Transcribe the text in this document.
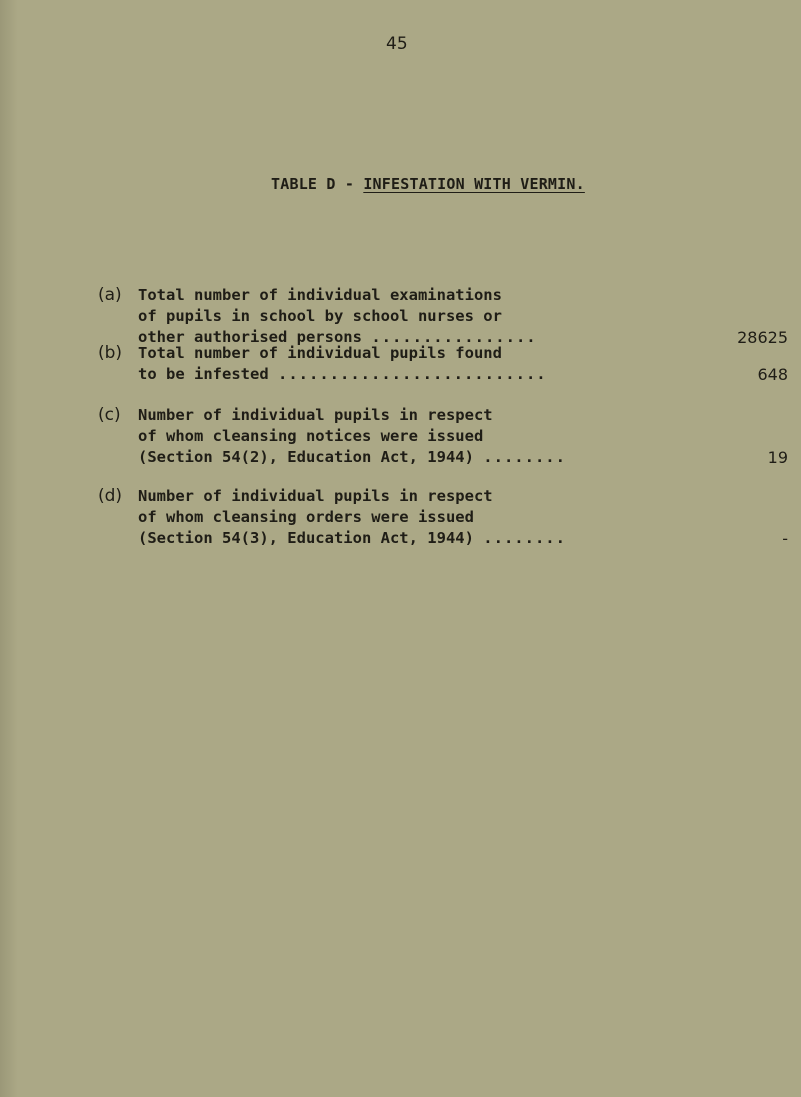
45
TABLE D - INFESTATION WITH VERMIN.
(a)	Total number of individual examinations
of pupils in school by school nurses or
other authorised persons ................	28625
(b)	Total number of individual pupils found
to be infested ..........................	648
(c)	Number of individual pupils in respect
of whom cleansing notices were issued
(Section 54(2), Education Act, 1944) ........	19
(d)	Number of individual pupils in respect
of whom cleansing orders were issued
(Section 54(3), Education Act, 1944) ........	-
